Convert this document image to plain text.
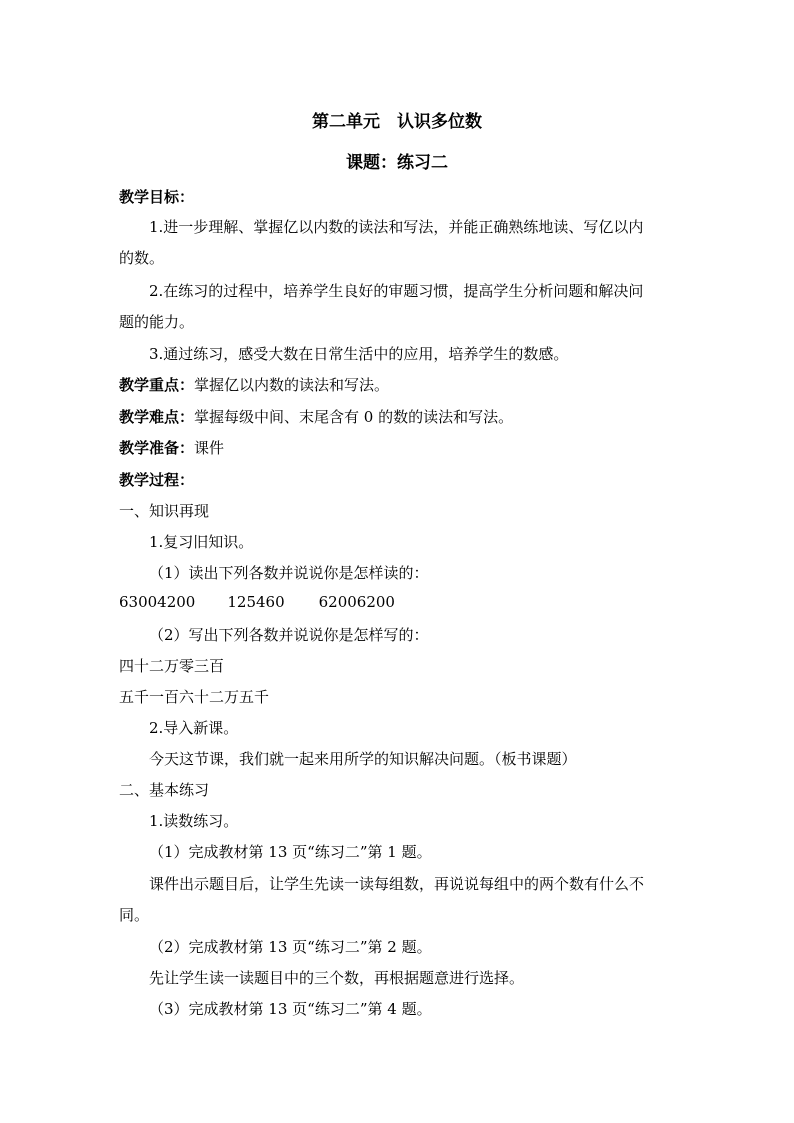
第二单元　认识多位数
课题：练习二
教学目标：
1.进一步理解、掌握亿以内数的读法和写法，并能正确熟练地读、写亿以内
的数。
2.在练习的过程中，培养学生良好的审题习惯，提高学生分析问题和解决问
题的能力。
3.通过练习，感受大数在日常生活中的应用，培养学生的数感。
教学重点：掌握亿以内数的读法和写法。
教学难点：掌握每级中间、末尾含有 0 的数的读法和写法。
教学准备：课件
教学过程：
一、知识再现
1.复习旧知识。
（1）读出下列各数并说说你是怎样读的：
63004200 125460 62006200
（2）写出下列各数并说说你是怎样写的：
四十二万零三百
五千一百六十二万五千
2.导入新课。
今天这节课，我们就一起来用所学的知识解决问题。（板书课题）
二、基本练习
1.读数练习。
（1）完成教材第 13 页“练习二”第 1 题。
课件出示题目后，让学生先读一读每组数，再说说每组中的两个数有什么不
同。
（2）完成教材第 13 页“练习二”第 2 题。
先让学生读一读题目中的三个数，再根据题意进行选择。
（3）完成教材第 13 页“练习二”第 4 题。
